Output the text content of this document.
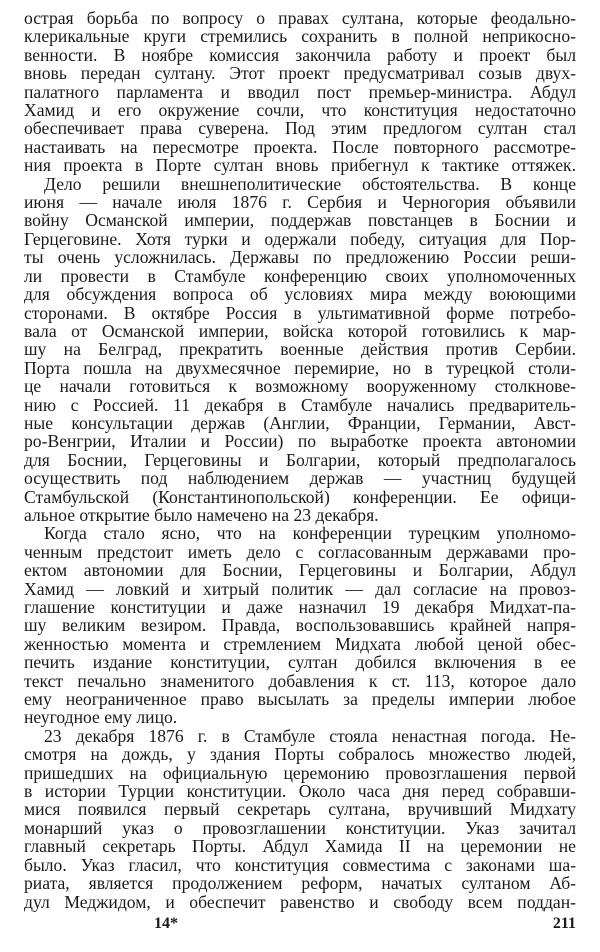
острая борьба по вопросу о правах султана, которые феодально-
клерикальные круги стремились сохранить в полной неприкосно-
венности. В ноябре комиссия закончила работу и проект был
вновь передан султану. Этот проект предусматривал созыв двух-
палатного парламента и вводил пост премьер-министра. Абдул
Хамид и его окружение сочли, что конституция недостаточно
обеспечивает права суверена. Под этим предлогом султан стал
настаивать на пересмотре проекта. После повторного рассмотре-
ния проекта в Порте султан вновь прибегнул к тактике оттяжек.
Дело решили внешнеполитические обстоятельства. В конце
июня — начале июля 1876 г. Сербия и Черногория объявили
войну Османской империи, поддержав повстанцев в Боснии и
Герцеговине. Хотя турки и одержали победу, ситуация для Пор-
ты очень усложнилась. Державы по предложению России реши-
ли провести в Стамбуле конференцию своих уполномоченных
для обсуждения вопроса об условиях мира между воюющими
сторонами. В октябре Россия в ультимативной форме потребо-
вала от Османской империи, войска которой готовились к мар-
шу на Белград, прекратить военные действия против Сербии.
Порта пошла на двухмесячное перемирие, но в турецкой столи-
це начали готовиться к возможному вооруженному столкнове-
нию с Россией. 11 декабря в Стамбуле начались предваритель-
ные консультации держав (Англии, Франции, Германии, Авст-
ро-Венгрии, Италии и России) по выработке проекта автономии
для Боснии, Герцеговины и Болгарии, который предполагалось
осуществить под наблюдением держав — участниц будущей
Стамбульской (Константинопольской) конференции. Ее офици-
альное открытие было намечено на 23 декабря.
Когда стало ясно, что на конференции турецким уполномо-
ченным предстоит иметь дело с согласованным державами про-
ектом автономии для Боснии, Герцеговины и Болгарии, Абдул
Хамид — ловкий и хитрый политик — дал согласие на провоз-
глашение конституции и даже назначил 19 декабря Мидхат-па-
шу великим везиром. Правда, воспользовавшись крайней напря-
женностью момента и стремлением Мидхата любой ценой обес-
печить издание конституции, султан добился включения в ее
текст печально знаменитого добавления к ст. 113, которое дало
ему неограниченное право высылать за пределы империи любое
неугодное ему лицо.
23 декабря 1876 г. в Стамбуле стояла ненастная погода. Не-
смотря на дождь, у здания Порты собралось множество людей,
пришедших на официальную церемонию провозглашения первой
в истории Турции конституции. Около часа дня перед собравши-
мися появился первый секретарь султана, вручивший Мидхату
монарший указ о провозглашении конституции. Указ зачитал
главный секретарь Порты. Абдул Хамида II на церемонии не
было. Указ гласил, что конституция совместима с законами ша-
риата, является продолжением реформ, начатых султаном Аб-
дул Меджидом, и обеспечит равенство и свободу всем поддан-
14*	211
